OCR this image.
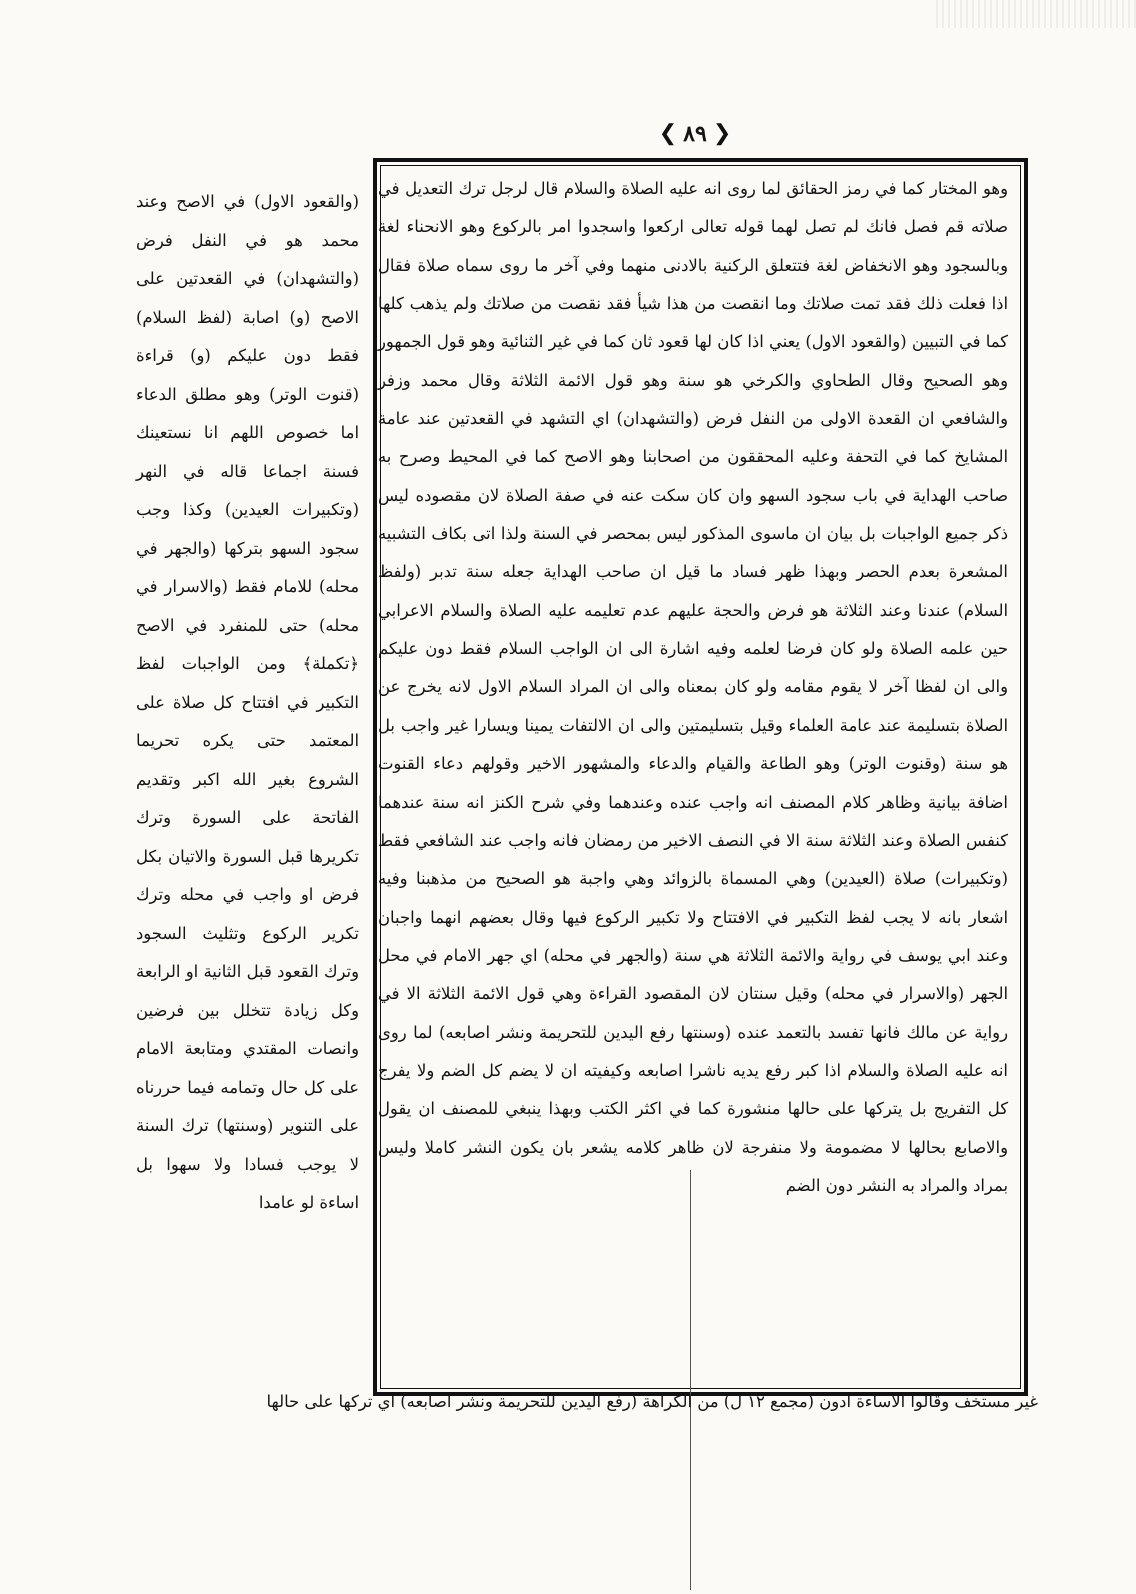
❮ ٨٩ ❯

وهو المختار كما في رمز الحقائق لما روى انه عليه الصلاة والسلام قال لرجل ترك التعديل في صلاته قم فصل فانك لم تصل لهما قوله تعالى اركعوا واسجدوا امر بالركوع وهو الانحناء لغة وبالسجود وهو الانخفاض لغة فتتعلق الركنية بالادنى منهما وفي آخر ما روى سماه صلاة فقال اذا فعلت ذلك فقد تمت صلاتك وما انقصت من هذا شيأ فقد نقصت من صلاتك ولم يذهب كلها كما في التبيين (والقعود الاول) يعني اذا كان لها قعود ثان كما في غير الثنائية وهو قول الجمهور وهو الصحيح وقال الطحاوي والكرخي هو سنة وهو قول الائمة الثلاثة وقال محمد وزفر والشافعي ان القعدة الاولى من النفل فرض (والتشهدان) اي التشهد في القعدتين عند عامة المشايخ كما في التحفة وعليه المحققون من اصحابنا وهو الاصح كما في المحيط وصرح به صاحب الهداية في باب سجود السهو وان كان سكت عنه في صفة الصلاة لان مقصوده ليس ذكر جميع الواجبات بل بيان ان ماسوى المذكور ليس بمحصر في السنة ولذا اتى بكاف التشبيه المشعرة بعدم الحصر وبهذا ظهر فساد ما قيل ان صاحب الهداية جعله سنة تدبر (ولفظ السلام) عندنا وعند الثلاثة هو فرض والحجة عليهم عدم تعليمه عليه الصلاة والسلام الاعرابي حين علمه الصلاة ولو كان فرضا لعلمه وفيه اشارة الى ان الواجب السلام فقط دون عليكم والى ان لفظا آخر لا يقوم مقامه ولو كان بمعناه والى ان المراد السلام الاول لانه يخرج عن الصلاة بتسليمة عند عامة العلماء وقيل بتسليمتين والى ان الالتفات يمينا ويسارا غير واجب بل هو سنة (وقنوت الوتر) وهو الطاعة والقيام والدعاء والمشهور الاخير وقولهم دعاء القنوت اضافة بيانية وظاهر كلام المصنف انه واجب عنده وعندهما وفي شرح الكنز انه سنة عندهما كنفس الصلاة وعند الثلاثة سنة الا في النصف الاخير من رمضان فانه واجب عند الشافعي فقط (وتكبيرات) صلاة (العيدين) وهي المسماة بالزوائد وهي واجبة هو الصحيح من مذهبنا وفيه اشعار بانه لا يجب لفظ التكبير في الافتتاح ولا تكبير الركوع فيها وقال بعضهم انهما واجبان وعند ابي يوسف في رواية والائمة الثلاثة هي سنة (والجهر في محله) اي جهر الامام في محل الجهر (والاسرار في محله) وقيل سنتان لان المقصود القراءة وهي قول الائمة الثلاثة الا في رواية عن مالك فانها تفسد بالتعمد عنده (وسنتها رفع اليدين للتحريمة ونشر اصابعه) لما روى انه عليه الصلاة والسلام اذا كبر رفع يديه ناشرا اصابعه وكيفيته ان لا يضم كل الضم ولا يفرج كل التفريج بل يتركها على حالها منشورة كما في اكثر الكتب وبهذا ينبغي للمصنف ان يقول والاصابع بحالها لا مضمومة ولا منفرجة لان ظاهر كلامه يشعر بان يكون النشر كاملا وليس بمراد والمراد به النشر دون الضم

(والقعود الاول) في الاصح وعند محمد هو في النفل فرض (والتشهدان) في القعدتين على الاصح (و) اصابة (لفظ السلام) فقط دون عليكم (و) قراءة (قنوت الوتر) وهو مطلق الدعاء اما خصوص اللهم انا نستعينك فسنة اجماعا قاله في النهر (وتكبيرات العيدين) وكذا وجب سجود السهو بتركها (والجهر في محله) للامام فقط (والاسرار في محله) حتى للمنفرد في الاصح ﴿تكملة﴾ ومن الواجبات لفظ التكبير في افتتاح كل صلاة على المعتمد حتى يكره تحريما الشروع بغير الله اكبر وتقديم الفاتحة على السورة وترك تكريرها قبل السورة والاتيان بكل فرض او واجب في محله وترك تكرير الركوع وتثليث السجود وترك القعود قبل الثانية او الرابعة وكل زيادة تتخلل بين فرضين وانصات المقتدي ومتابعة الامام على كل حال وتمامه فيما حررناه على التنوير (وسنتها) ترك السنة لا يوجب فسادا ولا سهوا بل اساءة لو عامدا

غير مستخف وقالوا الاساءة ادون (مجمع ١٢ ل) من الكراهة (رفع اليدين للتحريمة ونشر اصابعه) اي تركها على حالها
